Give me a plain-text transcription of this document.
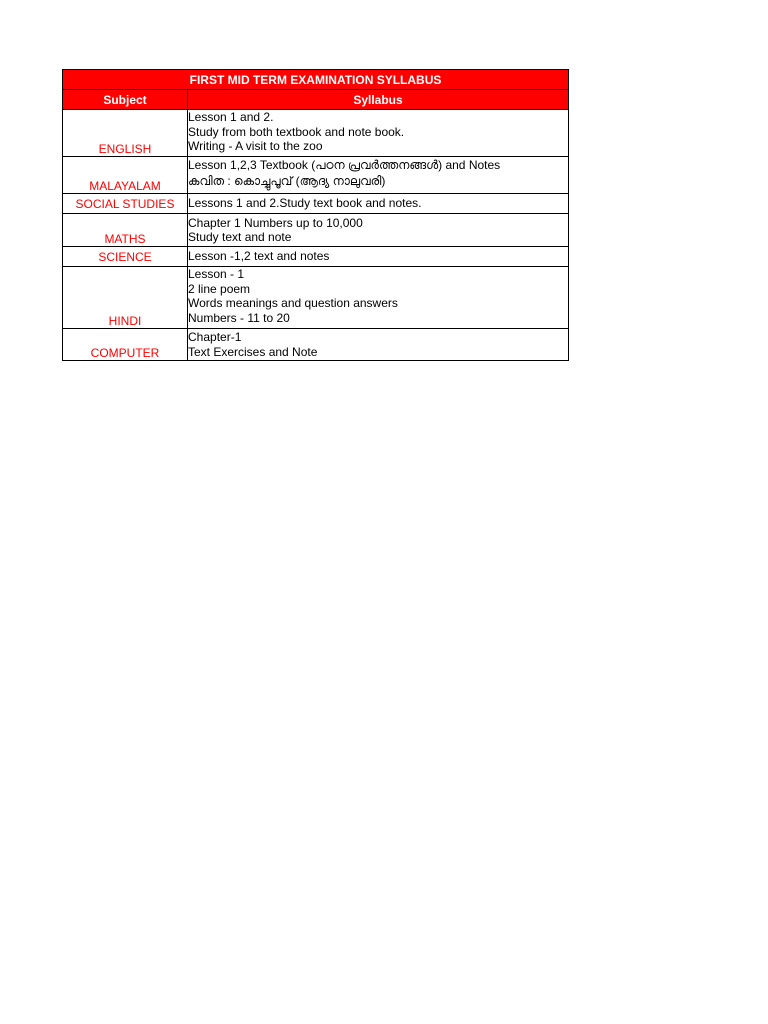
FIRST MID TERM EXAMINATION SYLLABUS	
Subject	Syllabus
ENGLISH	Lesson 1 and 2.
Study from both textbook and note book.
Writing - A visit to the zoo

MALAYALAM	Lesson 1,2,3 Textbook (പഠന പ്രവർത്തനങ്ങൾ) and Notes
കവിത : കൊച്ചുപൂവ് (ആദ്യ നാലുവരി)

SOCIAL STUDIES	Lessons 1 and 2.Study text book and notes.

MATHS	Chapter 1 Numbers up to 10,000
Study text and note

SCIENCE	Lesson -1,2 text and notes

HINDI	Lesson - 1
2 line poem
Words meanings and question answers
Numbers - 11 to 20

COMPUTER	Chapter-1
Text Exercises and Note
